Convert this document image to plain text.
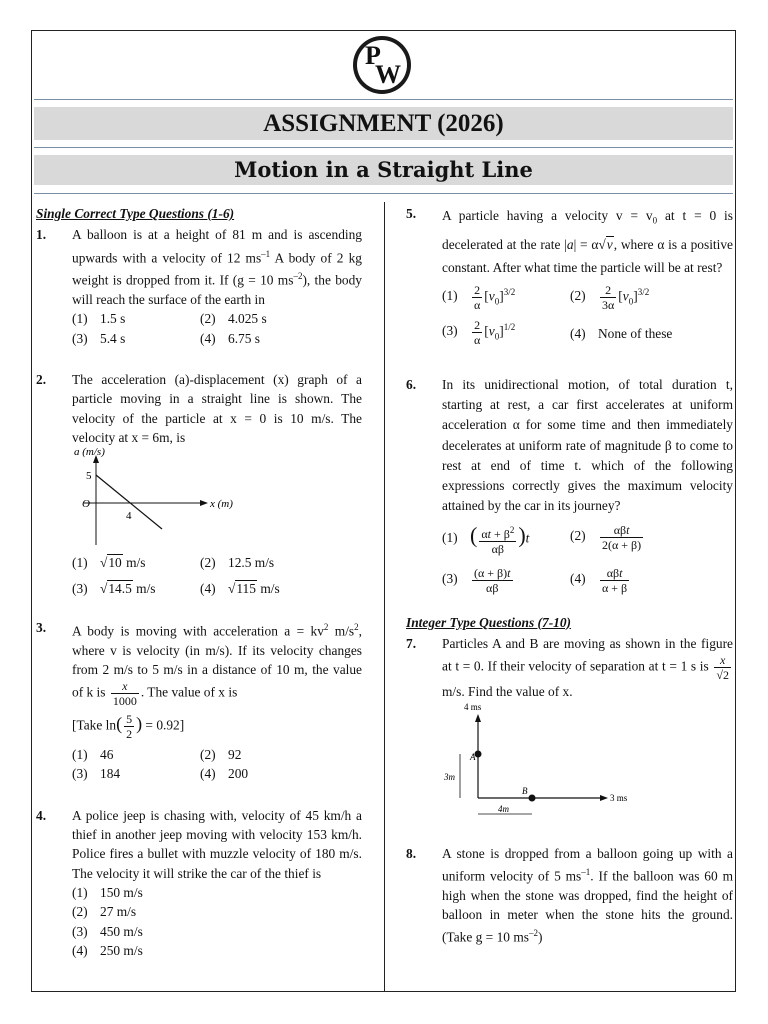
P
W
ASSIGNMENT (2026)
Motion in a Straight Line
Single Correct Type Questions (1-6)
1.	A balloon is at a height of 81 m and is ascending upwards with a velocity of 12 $ms^{-1}$ A body of 2 kg weight is dropped from it. If (g = 10 $ms^{-2}$), the body will reach the surface of the earth in
(1) 1.5 s	(2) 4.025 s
(3) 5.4 s	(4) 6.75 s
2.	The acceleration (a)-displacement (x) graph of a particle moving in a straight line is shown. The velocity of the particle at x = 0 is 10 m/s. The velocity at x = 6m, is
a (m/s)
x (m)
O
5
4
(1) √10 m/s	(2) 12.5 m/s
(3) √14.5 m/s	(4) √115 m/s
3.	A body is moving with acceleration $a = kv^2$ $m/s^2$, where v is velocity (in m/s). If its velocity changes from 2 m/s to 5 m/s in a distance of 10 m, the value of k is $\frac{x}{1000}$ . The value of x is
[Take $\ln( \frac{5}{2}$ ) = 0.92]
(1) 46	(2) 92
(3) 184	(4) 200
4.	A police jeep is chasing with, velocity of 45 km/h a thief in another jeep moving with velocity 153 km/h. Police fires a bullet with muzzle velocity of 180 m/s. The velocity it will strike the car of the thief is
(1) 150 m/s
(2) 27 m/s
(3) 450 m/s
(4) 250 m/s
5.	A particle having a velocity $v = v_0$ at t = 0 is decelerated at the rate |a| = α√v, where α is a positive constant. After what time the particle will be at rest?
$(1) \frac{2}{\alpha} [v_0]^{3/2}$	$(2) \frac{2}{3\alpha} [v_0]^{3/2}$
$(3) \frac{2}{\alpha} [v_0]^{1/2}$	(4) None of these
6.	In its unidirectional motion, of total duration t, starting at rest, a car first accelerates at uniform acceleration α for some time and then immediately decelerates at uniform rate of magnitude β to come to rest at end of time t. which of the following expressions correctly gives the maximum velocity attained by the car in its journey?
(1) ( $\frac{\alpha t + \beta^2}{\alpha\beta} )t$	$(2) \frac{\text{αβt}}{2(\alpha + \beta)}$
$(3) \frac{(\alpha + \beta)t}{\alpha\beta}$	$(4) \frac{\text{αβt}}{\alpha + \beta}$
Integer Type Questions (7-10)
7.	Particles A and B are moving as shown in the figure at t = 0. If their velocity of separation at t = 1 s is $\frac{x}{√2}$
m/s. Find the value of x.
4 ms
3 ms
3m
4m
A
B
8.	A stone is dropped from a balloon going up with a uniform velocity of 5 $ms^{-1}$. If the balloon was 60 m high when the stone was dropped, find the height of balloon in meter when the stone hits the ground. (Take g = 10 $ms^{-2}$)
